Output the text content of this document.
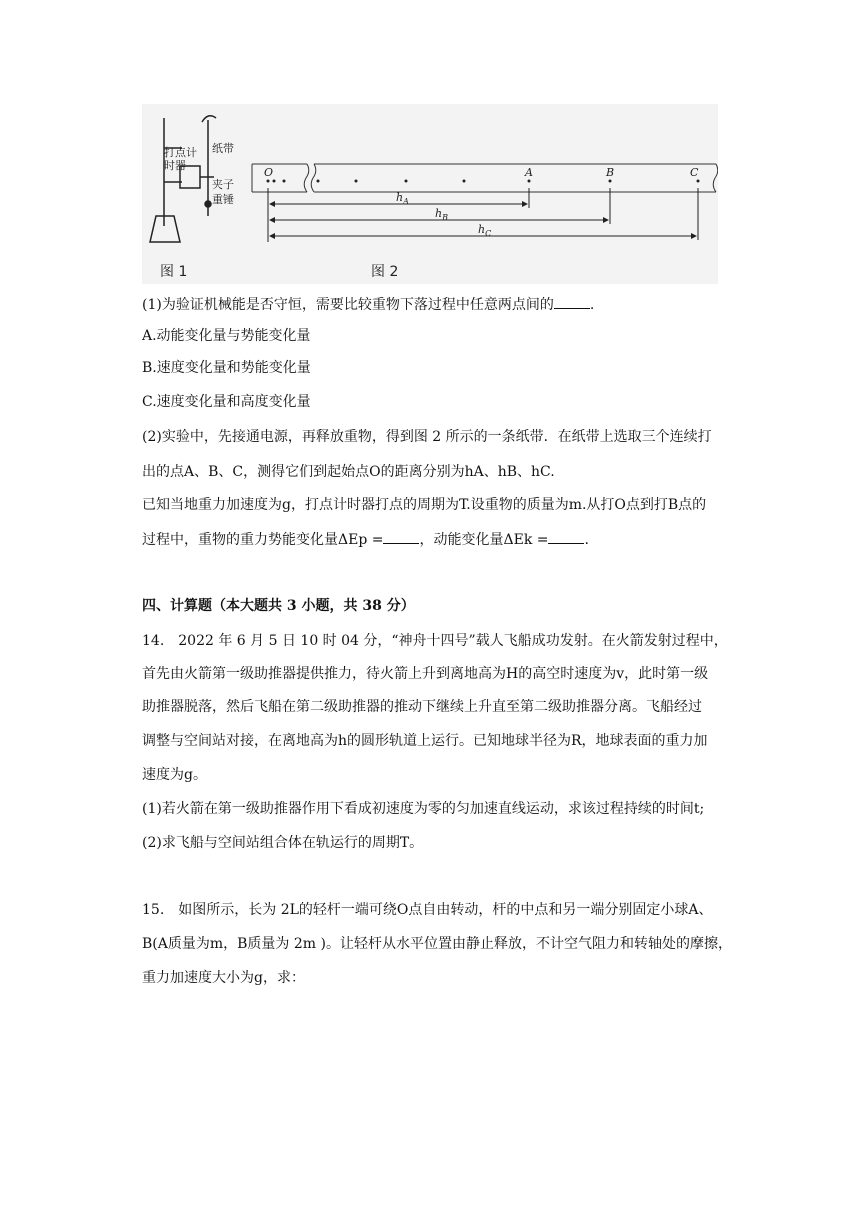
打点计
时器
纸带
夹子
重锤
O	A	B	C
$h_A$
$h_B$
$h_C$
图 1	图 2
(1)为验证机械能是否守恒，需要比较重物下落过程中任意两点间的	.
A.动能变化量与势能变化量
B.速度变化量和势能变化量
C.速度变化量和高度变化量
(2)实验中，先接通电源，再释放重物，得到图 2 所示的一条纸带．在纸带上选取三个连续打
出的点A、B、C，测得它们到起始点O的距离分别为hA、hB、hC.
已知当地重力加速度为g，打点计时器打点的周期为T.设重物的质量为m.从打O点到打B点的
过程中，重物的重力势能变化量ΔEp =	，动能变化量ΔEk =	.
四、计算题（本大题共 3 小题，共 38 分）
14.　2022 年 6 月 5 日 10 时 04 分，“神舟十四号”载人飞船成功发射。在火箭发射过程中，
首先由火箭第一级助推器提供推力，待火箭上升到离地高为H的高空时速度为v，此时第一级
助推器脱落，然后飞船在第二级助推器的推动下继续上升直至第二级助推器分离。飞船经过
调整与空间站对接，在离地高为h的圆形轨道上运行。已知地球半径为R，地球表面的重力加
速度为g。
(1)若火箭在第一级助推器作用下看成初速度为零的匀加速直线运动，求该过程持续的时间t;
(2)求飞船与空间站组合体在轨运行的周期T。
15.　如图所示，长为 2L的轻杆一端可绕O点自由转动，杆的中点和另一端分别固定小球A、
B(A质量为m，B质量为 2m )。让轻杆从水平位置由静止释放，不计空气阻力和转轴处的摩擦，
重力加速度大小为g，求：
